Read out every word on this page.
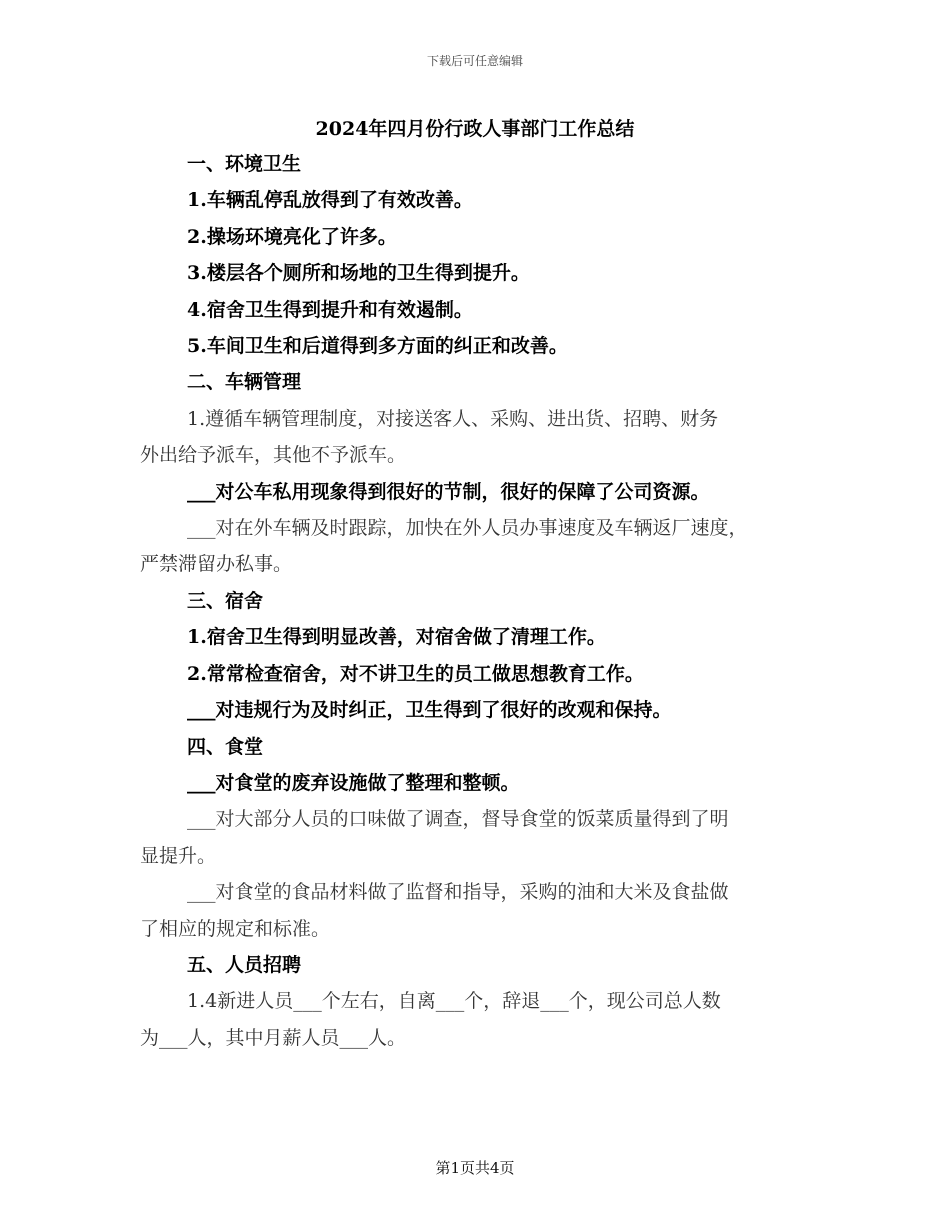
下载后可任意编辑
2024年四月份行政人事部门工作总结

一、环境卫生

1.车辆乱停乱放得到了有效改善。

2.操场环境亮化了许多。

3.楼层各个厕所和场地的卫生得到提升。

4.宿舍卫生得到提升和有效遏制。

5.车间卫生和后道得到多方面的纠正和改善。

二、车辆管理

1.遵循车辆管理制度，对接送客人、采购、进出货、招聘、财务

外出给予派车，其他不予派车。

___对公车私用现象得到很好的节制，很好的保障了公司资源。

___对在外车辆及时跟踪，加快在外人员办事速度及车辆返厂速度，

严禁滞留办私事。

三、宿舍

1.宿舍卫生得到明显改善，对宿舍做了清理工作。

2.常常检查宿舍，对不讲卫生的员工做思想教育工作。

___对违规行为及时纠正，卫生得到了很好的改观和保持。

四、食堂

___对食堂的废弃设施做了整理和整顿。

___对大部分人员的口味做了调查，督导食堂的饭菜质量得到了明

显提升。

___对食堂的食品材料做了监督和指导，采购的油和大米及食盐做

了相应的规定和标准。

五、人员招聘

1.4新进人员___个左右，自离___个，辞退___个，现公司总人数

为___人，其中月薪人员___人。

第1页共4页
